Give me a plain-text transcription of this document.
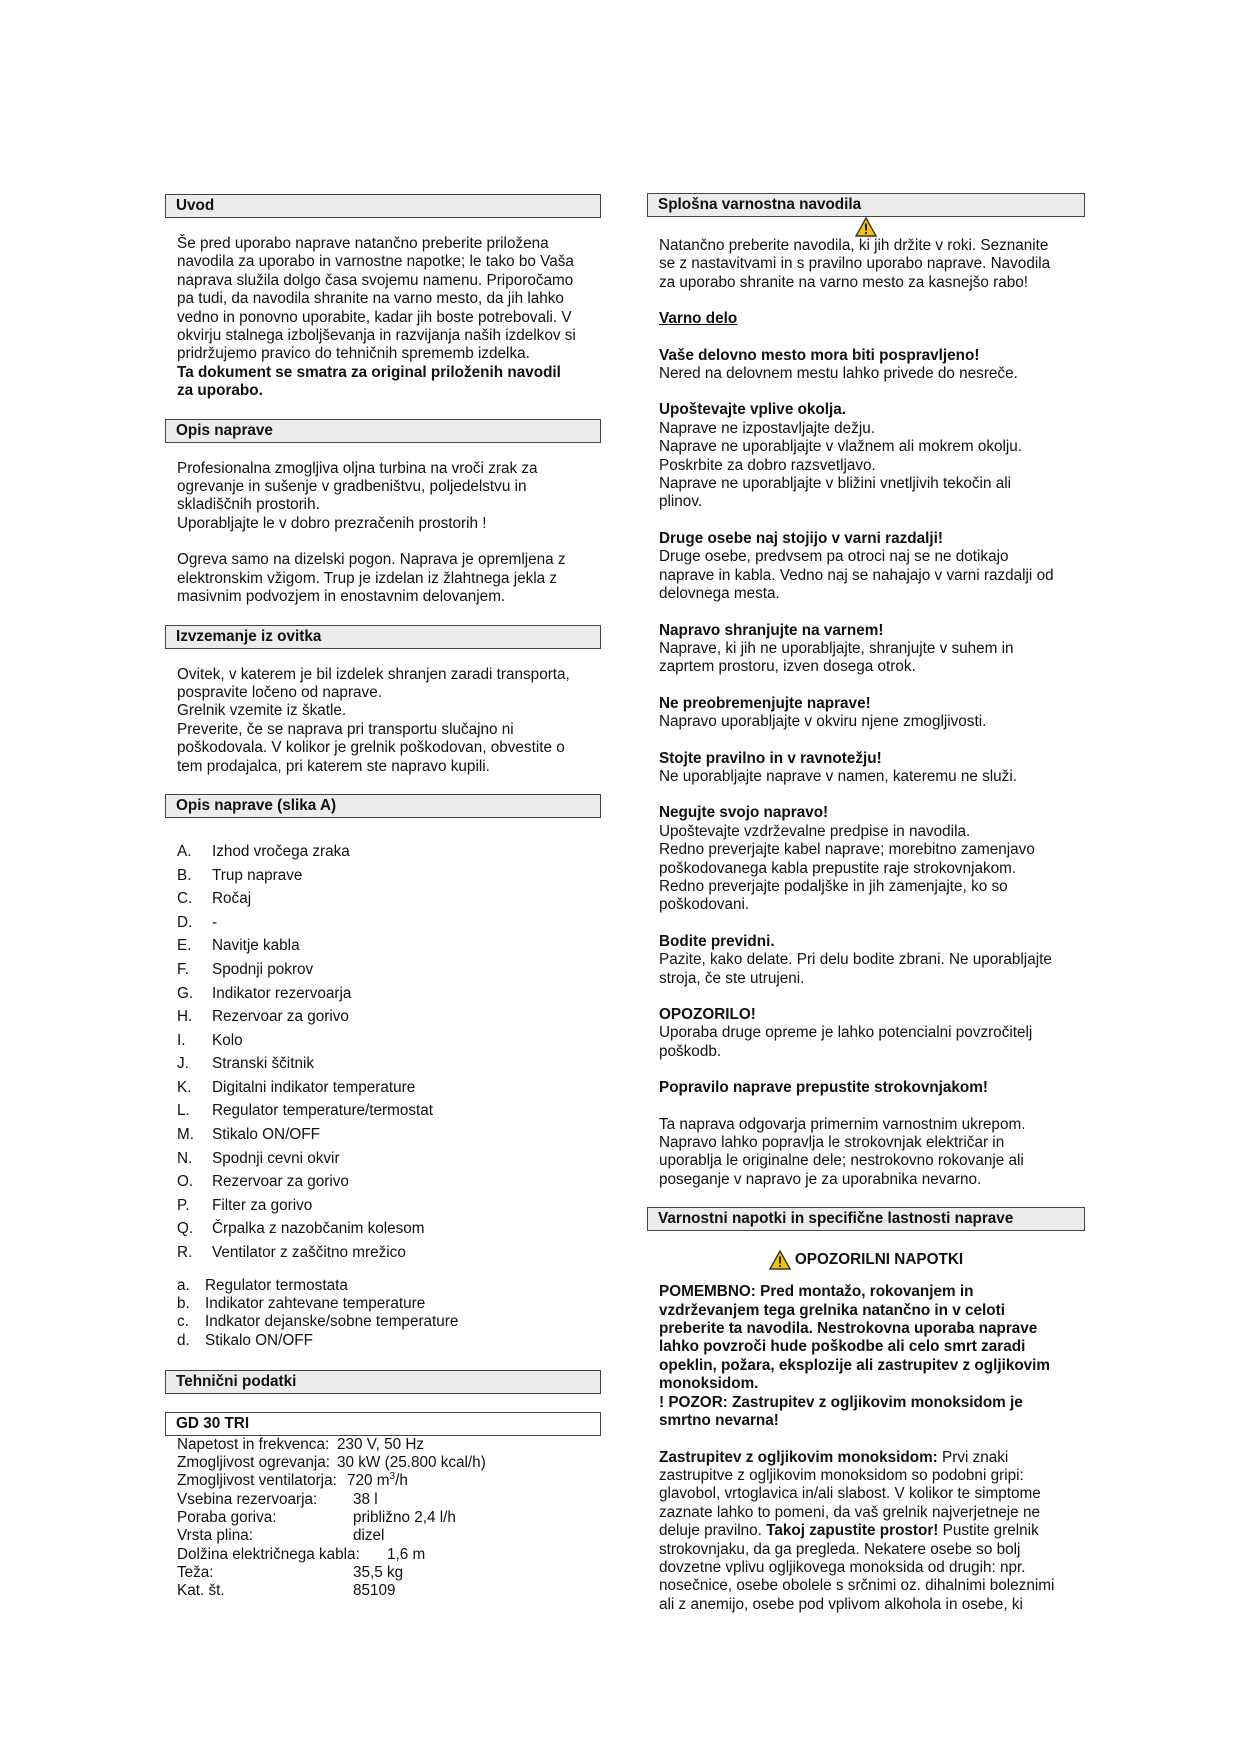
Uvod
Še pred uporabo naprave natančno preberite priložena
navodila za uporabo in varnostne napotke; le tako bo Vaša
naprava služila dolgo časa svojemu namenu. Priporočamo
pa tudi, da navodila shranite na varno mesto, da jih lahko
vedno in ponovno uporabite, kadar jih boste potrebovali. V
okvirju stalnega izboljševanja in razvijanja naših izdelkov si
pridržujemo pravico do tehničnih sprememb izdelka.
Ta dokument se smatra za original priloženih navodil
za uporabo.
Opis naprave
Profesionalna zmogljiva oljna turbina na vroči zrak za
ogrevanje in sušenje v gradbeništvu, poljedelstvu in
skladiščnih prostorih.
Uporabljajte le v dobro prezračenih prostorih !
Ogreva samo na dizelski pogon. Naprava je opremljena z
elektronskim vžigom. Trup je izdelan iz žlahtnega jekla z
masivnim podvozjem in enostavnim delovanjem.
Izvzemanje iz ovitka
Ovitek, v katerem je bil izdelek shranjen zaradi transporta,
pospravite ločeno od naprave.
Grelnik vzemite iz škatle.
Preverite, če se naprava pri transportu slučajno ni
poškodovala. V kolikor je grelnik poškodovan, obvestite o
tem prodajalca, pri katerem ste napravo kupili.
Opis naprave (slika A)
A.	Izhod vročega zraka
B.	Trup naprave
C.	Ročaj
D.	-
E.	Navitje kabla
F.	Spodnji pokrov
G.	Indikator rezervoarja
H.	Rezervoar za gorivo
I.	Kolo
J.	Stranski ščitnik
K.	Digitalni indikator temperature
L.	Regulator temperature/termostat
M.	Stikalo ON/OFF
N.	Spodnji cevni okvir
O.	Rezervoar za gorivo
P.	Filter za gorivo
Q.	Črpalka z nazobčanim kolesom
R.	Ventilator z zaščitno mrežico
a. Regulator termostata
b. Indikator zahtevane temperature
c.	Indkator dejanske/sobne temperature
d. Stikalo ON/OFF
Tehnični podatki
GD 30 TRI
Napetost in frekvenca: 230 V, 50 Hz
Zmogljivost ogrevanja: 30 kW (25.800 kcal/h)
Zmogljivost ventilatorja: 720 $m^3/h$
Vsebina rezervoarja:	38 l
Poraba goriva:	približno 2,4 l/h
Vrsta plina:	dizel
Dolžina električnega kabla:	1,6 m
Teža:	35,5 kg
Kat. št.	85109
Splošna varnostna navodila
Natančno preberite navodila, ki jih držite v roki. Seznanite
se z nastavitvami in s pravilno uporabo naprave. Navodila
za uporabo shranite na varno mesto za kasnejšo rabo!
Varno delo
Vaše delovno mesto mora biti pospravljeno!
Nered na delovnem mestu lahko privede do nesreče.
Upoštevajte vplive okolja.
Naprave ne izpostavljajte dežju.
Naprave ne uporabljajte v vlažnem ali mokrem okolju.
Poskrbite za dobro razsvetljavo.
Naprave ne uporabljajte v bližini vnetljivih tekočin ali
plinov.
Druge osebe naj stojijo v varni razdalji!
Druge osebe, predvsem pa otroci naj se ne dotikajo
naprave in kabla. Vedno naj se nahajajo v varni razdalji od
delovnega mesta.
Napravo shranjujte na varnem!
Naprave, ki jih ne uporabljajte, shranjujte v suhem in
zaprtem prostoru, izven dosega otrok.
Ne preobremenjujte naprave!
Napravo uporabljajte v okviru njene zmogljivosti.
Stojte pravilno in v ravnotežju!
Ne uporabljajte naprave v namen, kateremu ne služi.
Negujte svojo napravo!
Upoštevajte vzdrževalne predpise in navodila.
Redno preverjajte kabel naprave; morebitno zamenjavo
poškodovanega kabla prepustite raje strokovnjakom.
Redno preverjajte podaljške in jih zamenjajte, ko so
poškodovani.
Bodite previdni.
Pazite, kako delate. Pri delu bodite zbrani. Ne uporabljajte
stroja, če ste utrujeni.
OPOZORILO!
Uporaba druge opreme je lahko potencialni povzročitelj
poškodb.
Popravilo naprave prepustite strokovnjakom!
Ta naprava odgovarja primernim varnostnim ukrepom.
Napravo lahko popravlja le strokovnjak električar in
uporablja le originalne dele; nestrokovno rokovanje ali
poseganje v napravo je za uporabnika nevarno.
Varnostni napotki in specifične lastnosti naprave
OPOZORILNI NAPOTKI
POMEMBNO: Pred montažo, rokovanjem in
vzdrževanjem tega grelnika natančno in v celoti
preberite ta navodila. Nestrokovna uporaba naprave
lahko povzroči hude poškodbe ali celo smrt zaradi
opeklin, požara, eksplozije ali zastrupitev z ogljikovim
monoksidom.
! POZOR: Zastrupitev z ogljikovim monoksidom je
smrtno nevarna!
Zastrupitev z ogljikovim monoksidom: Prvi znaki
zastrupitve z ogljikovim monoksidom so podobni gripi:
glavobol, vrtoglavica in/ali slabost. V kolikor te simptome
zaznate lahko to pomeni, da vaš grelnik najverjetneje ne
deluje pravilno. Takoj zapustite prostor! Pustite grelnik
strokovnjaku, da ga pregleda. Nekatere osebe so bolj
dovzetne vplivu ogljikovega monoksida od drugih: npr.
nosečnice, osebe obolele s srčnimi oz. dihalnimi boleznimi
ali z anemijo, osebe pod vplivom alkohola in osebe, ki
